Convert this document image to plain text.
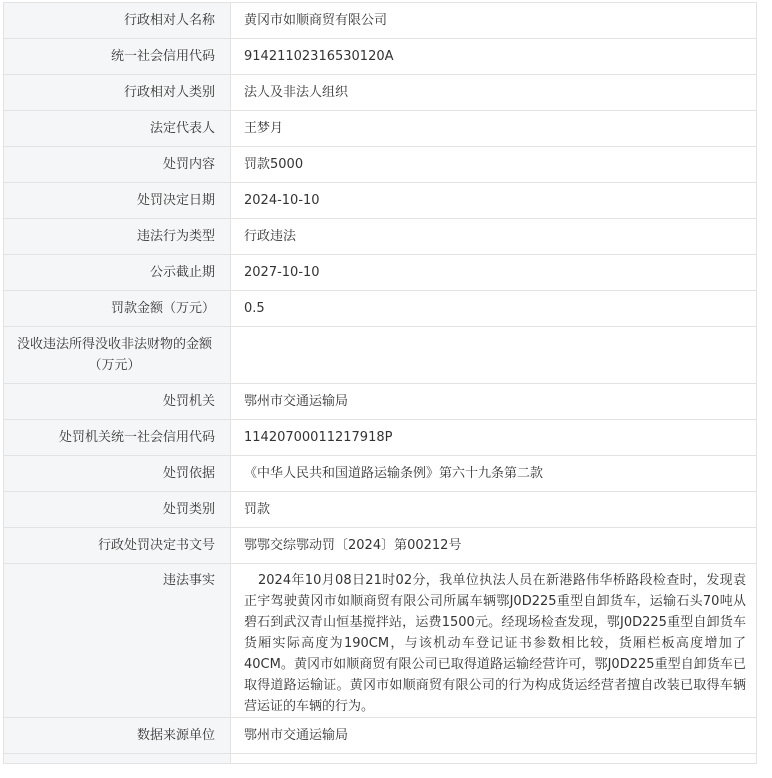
行政相对人名称	黄冈市如顺商贸有限公司
统一社会信用代码	91421102316530120A
行政相对人类别	法人及非法人组织
法定代表人	王梦月
处罚内容	罚款5000
处罚决定日期	2024-10-10
违法行为类型	行政违法
公示截止期	2027-10-10
罚款金额（万元）	0.5
没收违法所得没收非法财物的金额（万元）	
处罚机关	鄂州市交通运输局
处罚机关统一社会信用代码	11420700011217918P
处罚依据	《中华人民共和国道路运输条例》第六十九条第二款
处罚类别	罚款
行政处罚决定书文号	鄂鄂交综鄂动罚〔2024〕第00212号
违法事实	2024年10月08日21时02分，我单位执法人员在新港路伟华桥路段检查时，发现袁正宇驾驶黄冈市如顺商贸有限公司所属车辆鄂J0D225重型自卸货车，运输石头70吨从碧石到武汉青山恒基搅拌站，运费1500元。经现场检查发现，鄂J0D225重型自卸货车货厢实际高度为190CM，与该机动车登记证书参数相比较，货厢栏板高度增加了40CM。黄冈市如顺商贸有限公司已取得道路运输经营许可，鄂J0D225重型自卸货车已取得道路运输证。黄冈市如顺商贸有限公司的行为构成货运经营者擅自改装已取得车辆营运证的车辆的行为。
数据来源单位	鄂州市交通运输局
